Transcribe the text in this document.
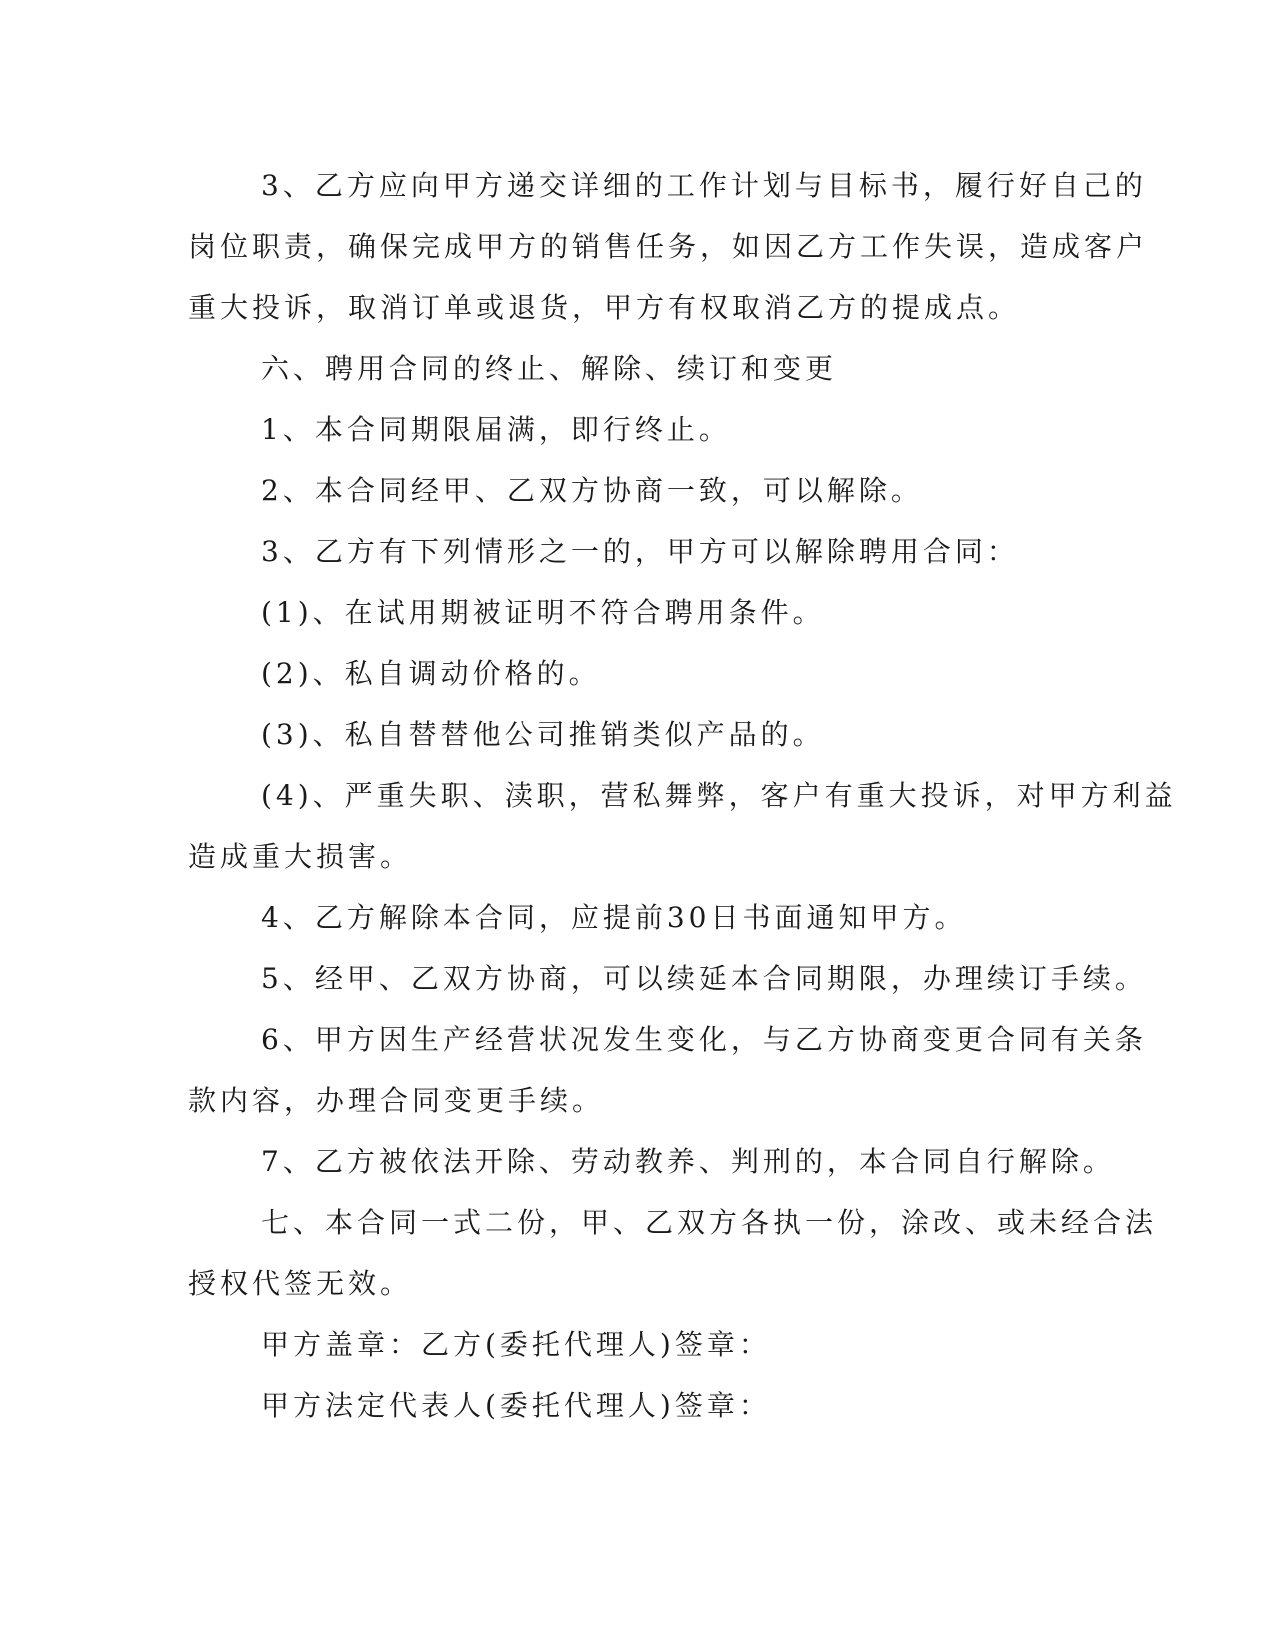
3、乙方应向甲方递交详细的工作计划与目标书，履行好自己的

岗位职责，确保完成甲方的销售任务，如因乙方工作失误，造成客户

重大投诉，取消订单或退货，甲方有权取消乙方的提成点。

六、聘用合同的终止、解除、续订和变更

1、本合同期限届满，即行终止。

2、本合同经甲、乙双方协商一致，可以解除。

3、乙方有下列情形之一的，甲方可以解除聘用合同：

(1)、在试用期被证明不符合聘用条件。

(2)、私自调动价格的。

(3)、私自替替他公司推销类似产品的。

(4)、严重失职、渎职，营私舞弊，客户有重大投诉，对甲方利益

造成重大损害。

4、乙方解除本合同，应提前30日书面通知甲方。

5、经甲、乙双方协商，可以续延本合同期限，办理续订手续。

6、甲方因生产经营状况发生变化，与乙方协商变更合同有关条

款内容，办理合同变更手续。

7、乙方被依法开除、劳动教养、判刑的，本合同自行解除。

七、本合同一式二份，甲、乙双方各执一份，涂改、或未经合法

授权代签无效。

甲方盖章：乙方(委托代理人)签章：

甲方法定代表人(委托代理人)签章：
